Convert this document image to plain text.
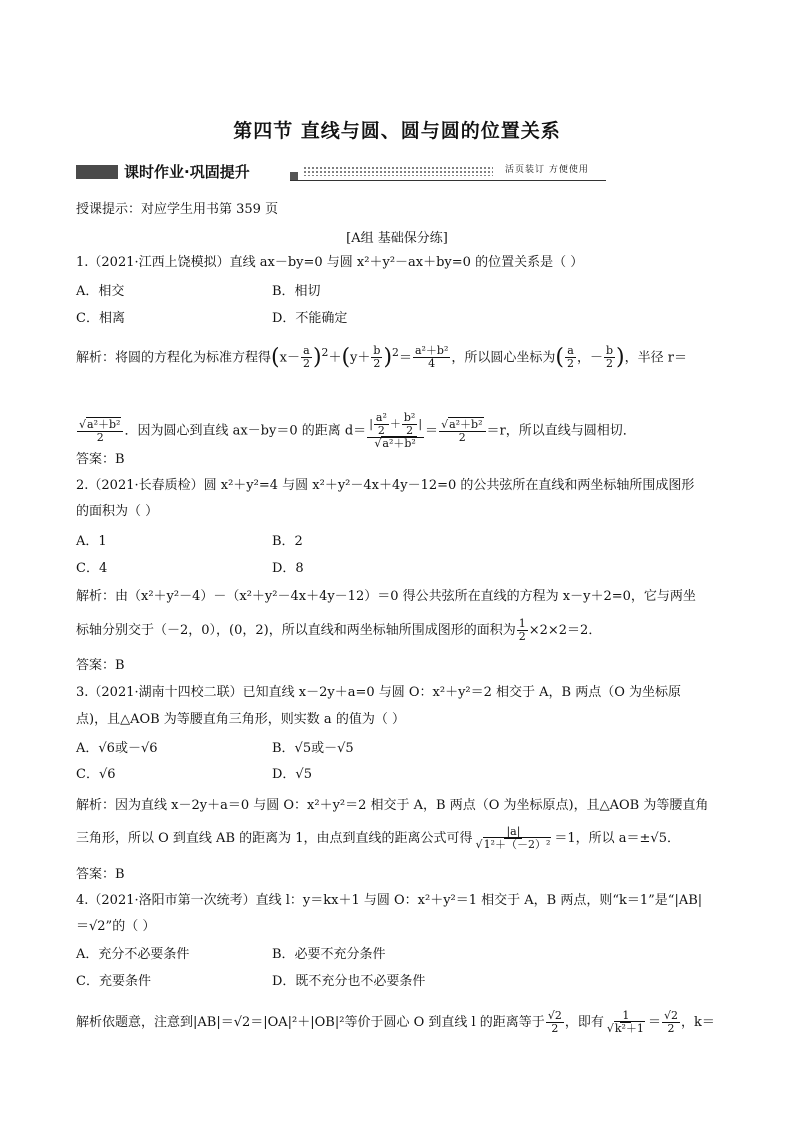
第四节 直线与圆、圆与圆的位置关系
课时作业·巩固提升	活页装订 方便使用
授课提示：对应学生用书第 359 页
[A组 基础保分练]
1.（2021·江西上饶模拟）直线 ax－by=0 与圆 x²＋y²－ax＋by=0 的位置关系是（ ）
A．相交	B．相切
C．相离	D．不能确定
解析：将圆的方程化为标准方程得$(x- \frac{a}{2} )^2+(y+ \frac{b}{2} )^2= \frac{\text{a²＋b²}}{4}$ ，所以圆心坐标为( $\frac{a}{2}$ ，－ $\frac{b}{2}$ )，半径 r＝
$\frac{\text{√a²＋b²}}{2}$ ．因为圆心到直线 ax－by＝0 的距离 $d= \frac{| \frac{\text{a²}}{2} + \frac{\text{b²}}{2} |}{\text{√a²＋b²}} = \frac{\text{√a²＋b²}}{2} =r$，所以直线与圆相切．
答案：B
2.（2021·长春质检）圆 x²＋y²=4 与圆 x²＋y²－4x＋4y－12=0 的公共弦所在直线和两坐标轴所围成图形
的面积为（ ）
A．1	B．2
C．4	D．8
解析：由（x²＋y²－4）－（x²＋y²－4x＋4y－12）＝0 得公共弦所在直线的方程为 x－y＋2=0，它与两坐
标轴分别交于（－2，0），(0，2)，所以直线和两坐标轴所围成图形的面积为 $\frac{1}{2} \times 2\times 2=2$．
答案：B
3.（2021·湖南十四校二联）已知直线 x－2y＋a=0 与圆 O：x²＋y²＝2 相交于 A，B 两点（O 为坐标原
点)，且△AOB 为等腰直角三角形，则实数 a 的值为（ ）
A．√6或－√6	B．√5或－√5
C．√6	D．√5
解析：因为直线 x－2y＋a＝0 与圆 O：x²＋y²＝2 相交于 A，B 两点（O 为坐标原点)，且△AOB 为等腰直角
三角形，所以 O 到直线 AB 的距离为 1，由点到直线的距离公式可得 $\frac{|a|}{\text{√1²＋（－2）²}} =1$，所以 a＝±√5．
答案：B
4.（2021·洛阳市第一次统考）直线 l：y＝kx＋1 与圆 O：x²＋y²＝1 相交于 A，B 两点，则“k＝1”是“|AB|
＝√2”的（ ）
A．充分不必要条件	B．必要不充分条件
C．充要条件	D．既不充分也不必要条件
解析依题意，注意到|AB|＝√2＝|OA|²＋|OB|²等价于圆心 O 到直线 l 的距离等于 $\frac{√2}{2}$ ，即有 $\frac{1}{\text{√k²＋1}} = \frac{√2}{2}$ ，k＝
